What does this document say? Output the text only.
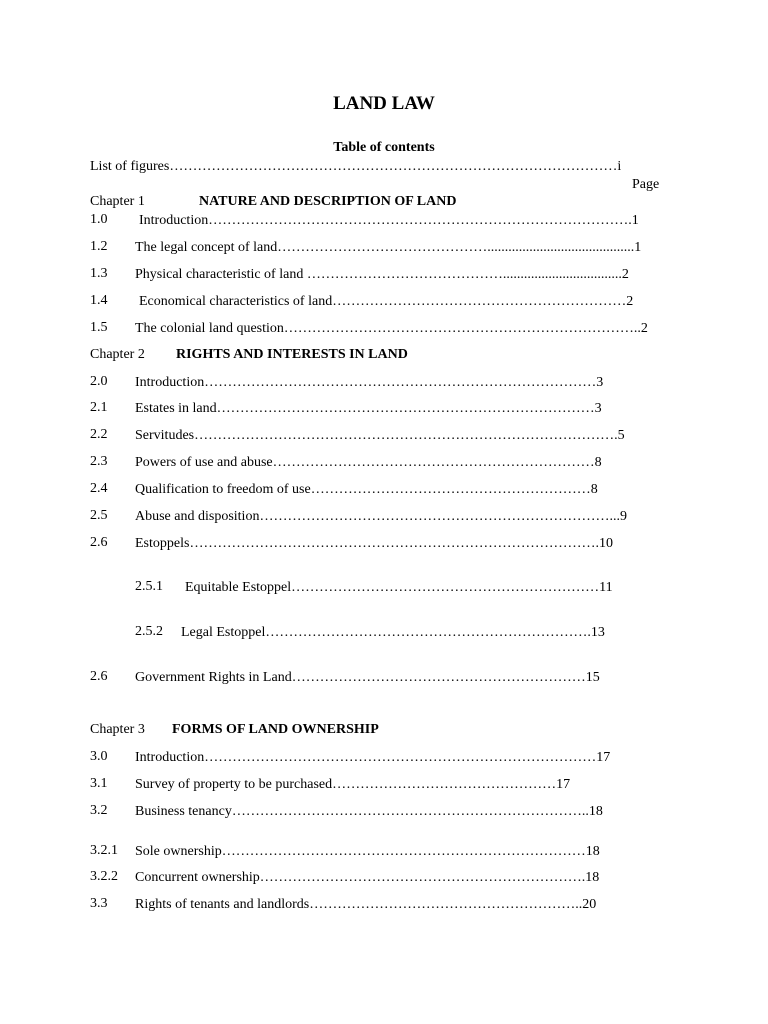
LAND LAW
Table of contents
List of figures……………………………………………………………………………………i
Page
Chapter 1	NATURE AND DESCRIPTION OF LAND
1.0 Introduction……………………………………………………………………………….1
1.2 The legal concept of land………………………………………..........................................1
1.3 Physical characteristic of land ……………………………………..................................2
1.4 Economical characteristics of land………………………………………………………2
1.5 The colonial land question…………………………………………………………………..2
Chapter 2 RIGHTS AND INTERESTS IN LAND
2.0 Introduction…………………………………………………………………………3
2.1 Estates in land………………………………………………………………………3
2.2 Servitudes……………………………………………………………………………….5
2.3 Powers of use and abuse……………………………………………………………8
2.4 Qualification to freedom of use……………………………………………………8
2.5 Abuse and disposition…………………………………………………………………...9
2.6 Estoppels…………………………………………………………………………….10
2.5.1 Equitable Estoppel…………………………………………………………11
2.5.2 Legal Estoppel…………………………………………………………….13
2.6 Government Rights in Land………………………………………………………15
Chapter 3 FORMS OF LAND OWNERSHIP
3.0 Introduction…………………………………………………………………………17
3.1 Survey of property to be purchased…………………………………………17
3.2 Business tenancy…………………………………………………………………..18
3.2.1 Sole ownership……………………………………………………………………18
3.2.2 Concurrent ownership…………………………………………………………….18
3.3 Rights of tenants and landlords…………………………………………………..20
